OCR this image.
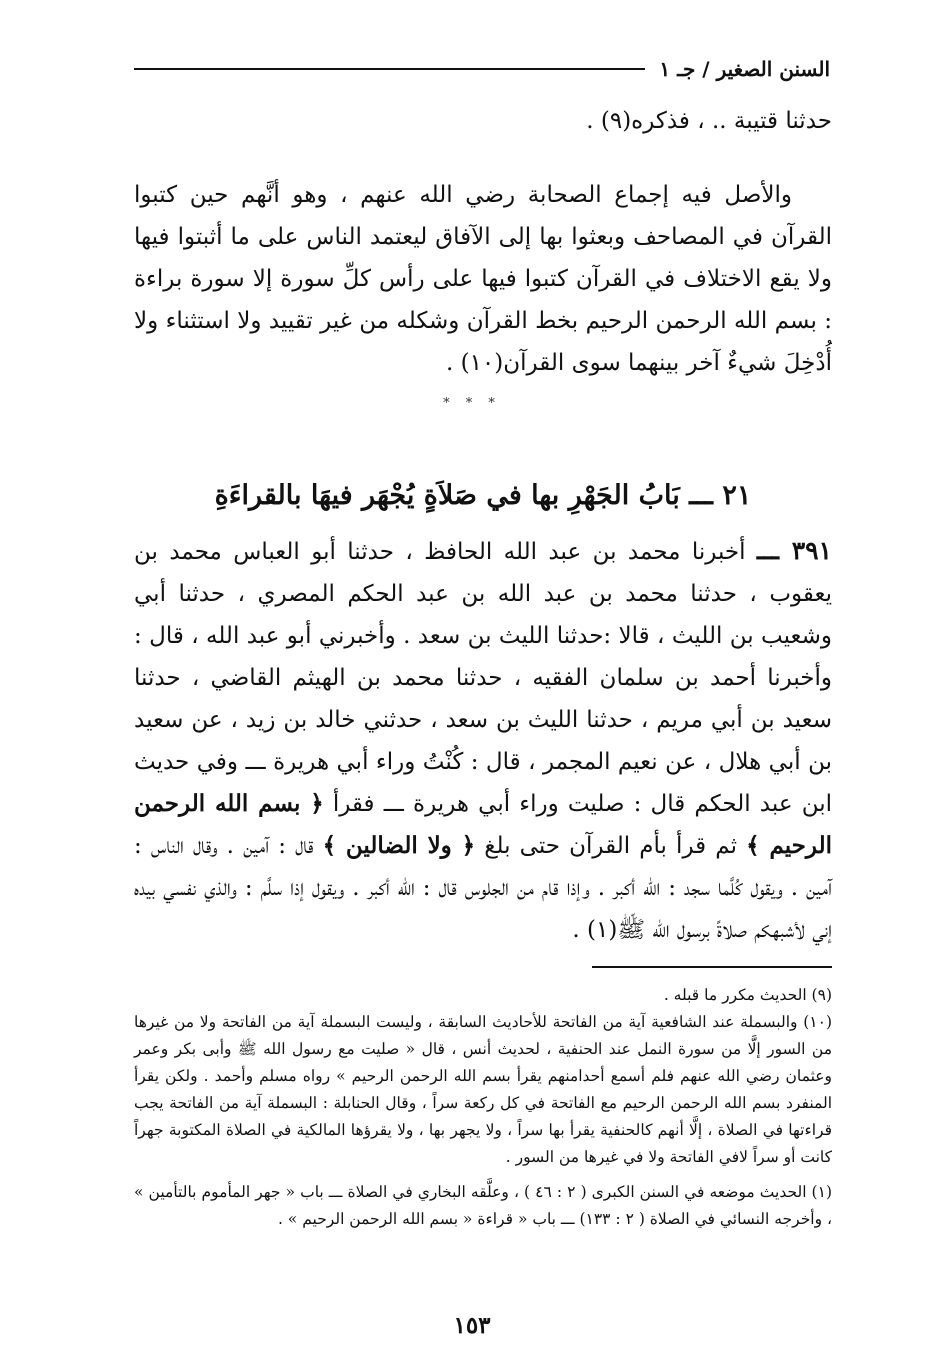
السنن الصغير / جـ ١

حدثنا قتيبة .. ، فذكره(٩) .

والأصل فيه إجماع الصحابة رضي الله عنهم ، وهو أنَّهم حين كتبوا القرآن في المصاحف وبعثوا بها إلى الآفاق ليعتمد الناس على ما أثبتوا فيها ولا يقع الاختلاف في القرآن كتبوا فيها على رأس كلِّ سورة إلا سورة براءة : بسم الله الرحمن الرحيم بخط القرآن وشكله من غير تقييد ولا استثناء ولا أُدْخِلَ شيءٌ آخر بينهما سوى القرآن(١٠) .

* * *
٢١ ـــ بَابُ الجَهْرِ بها في صَلاَةٍ يُجْهَر فيهَا بالقراءَةِ

٣٩١ ـــ أخبرنا محمد بن عبد الله الحافظ ، حدثنا أبو العباس محمد بن يعقوب ، حدثنا محمد بن عبد الله بن عبد الحكم المصري ، حدثنا أبي وشعيب بن الليث ، قالا :حدثنا الليث بن سعد . وأخبرني أبو عبد الله ، قال : وأخبرنا أحمد بن سلمان الفقيه ، حدثنا محمد بن الهيثم القاضي ، حدثنا سعيد بن أبي مريم ، حدثنا الليث بن سعد ، حدثني خالد بن زيد ، عن سعيد بن أبي هلال ، عن نعيم المجمر ، قال : كُنْتُ وراء أبي هريرة ـــ وفي حديث ابن عبد الحكم قال : صليت وراء أبي هريرة ـــ فقرأ ﴿ بسم الله الرحمن الرحيم ﴾ ثم قرأ بأم القرآن حتى بلغ ﴿ ولا الضالين ﴾ قال : آمين . وقال الناس : آمين . ويقول كُلَّما سجد : الله أكبر . وإذا قام من الجلوس قال : الله أكبر . ويقول إذا سلَّم : والذي نفسي بيده إني لأشبهكم صلاةً برسول الله ﷺ(١) .

(٩) الحديث مكرر ما قبله .

(١٠) والبسملة عند الشافعية آية من الفاتحة للأحاديث السابقة ، وليست البسملة آية من الفاتحة ولا من غيرها من السور إلَّا من سورة النمل عند الحنفية ، لحديث أنس ، قال « صليت مع رسول الله ﷺ وأبى بكر وعمر وعثمان رضي الله عنهم فلم أسمع أحدامنهم يقرأ بسم الله الرحمن الرحيم » رواه مسلم وأحمد . ولكن يقرأ المنفرد بسم الله الرحمن الرحيم مع الفاتحة في كل ركعة سراً ، وقال الحنابلة : البسملة آية من الفاتحة يجب قراءتها في الصلاة ، إلَّا أنهم كالحنفية يقرأ بها سراً ، ولا يجهر بها ، ولا يقرؤها المالكية في الصلاة المكتوبة جهراً كانت أو سراً لافي الفاتحة ولا في غيرها من السور .

(١) الحديث موضعه في السنن الكبرى ( ٢ : ٤٦ ) ، وعلَّقه البخاري في الصلاة ـــ باب « جهر المأموم بالتأمين » ، وأخرجه النسائي في الصلاة ( ٢ : ١٣٣) ـــ باب « قراءة « بسم الله الرحمن الرحيم » .

١٥٣
